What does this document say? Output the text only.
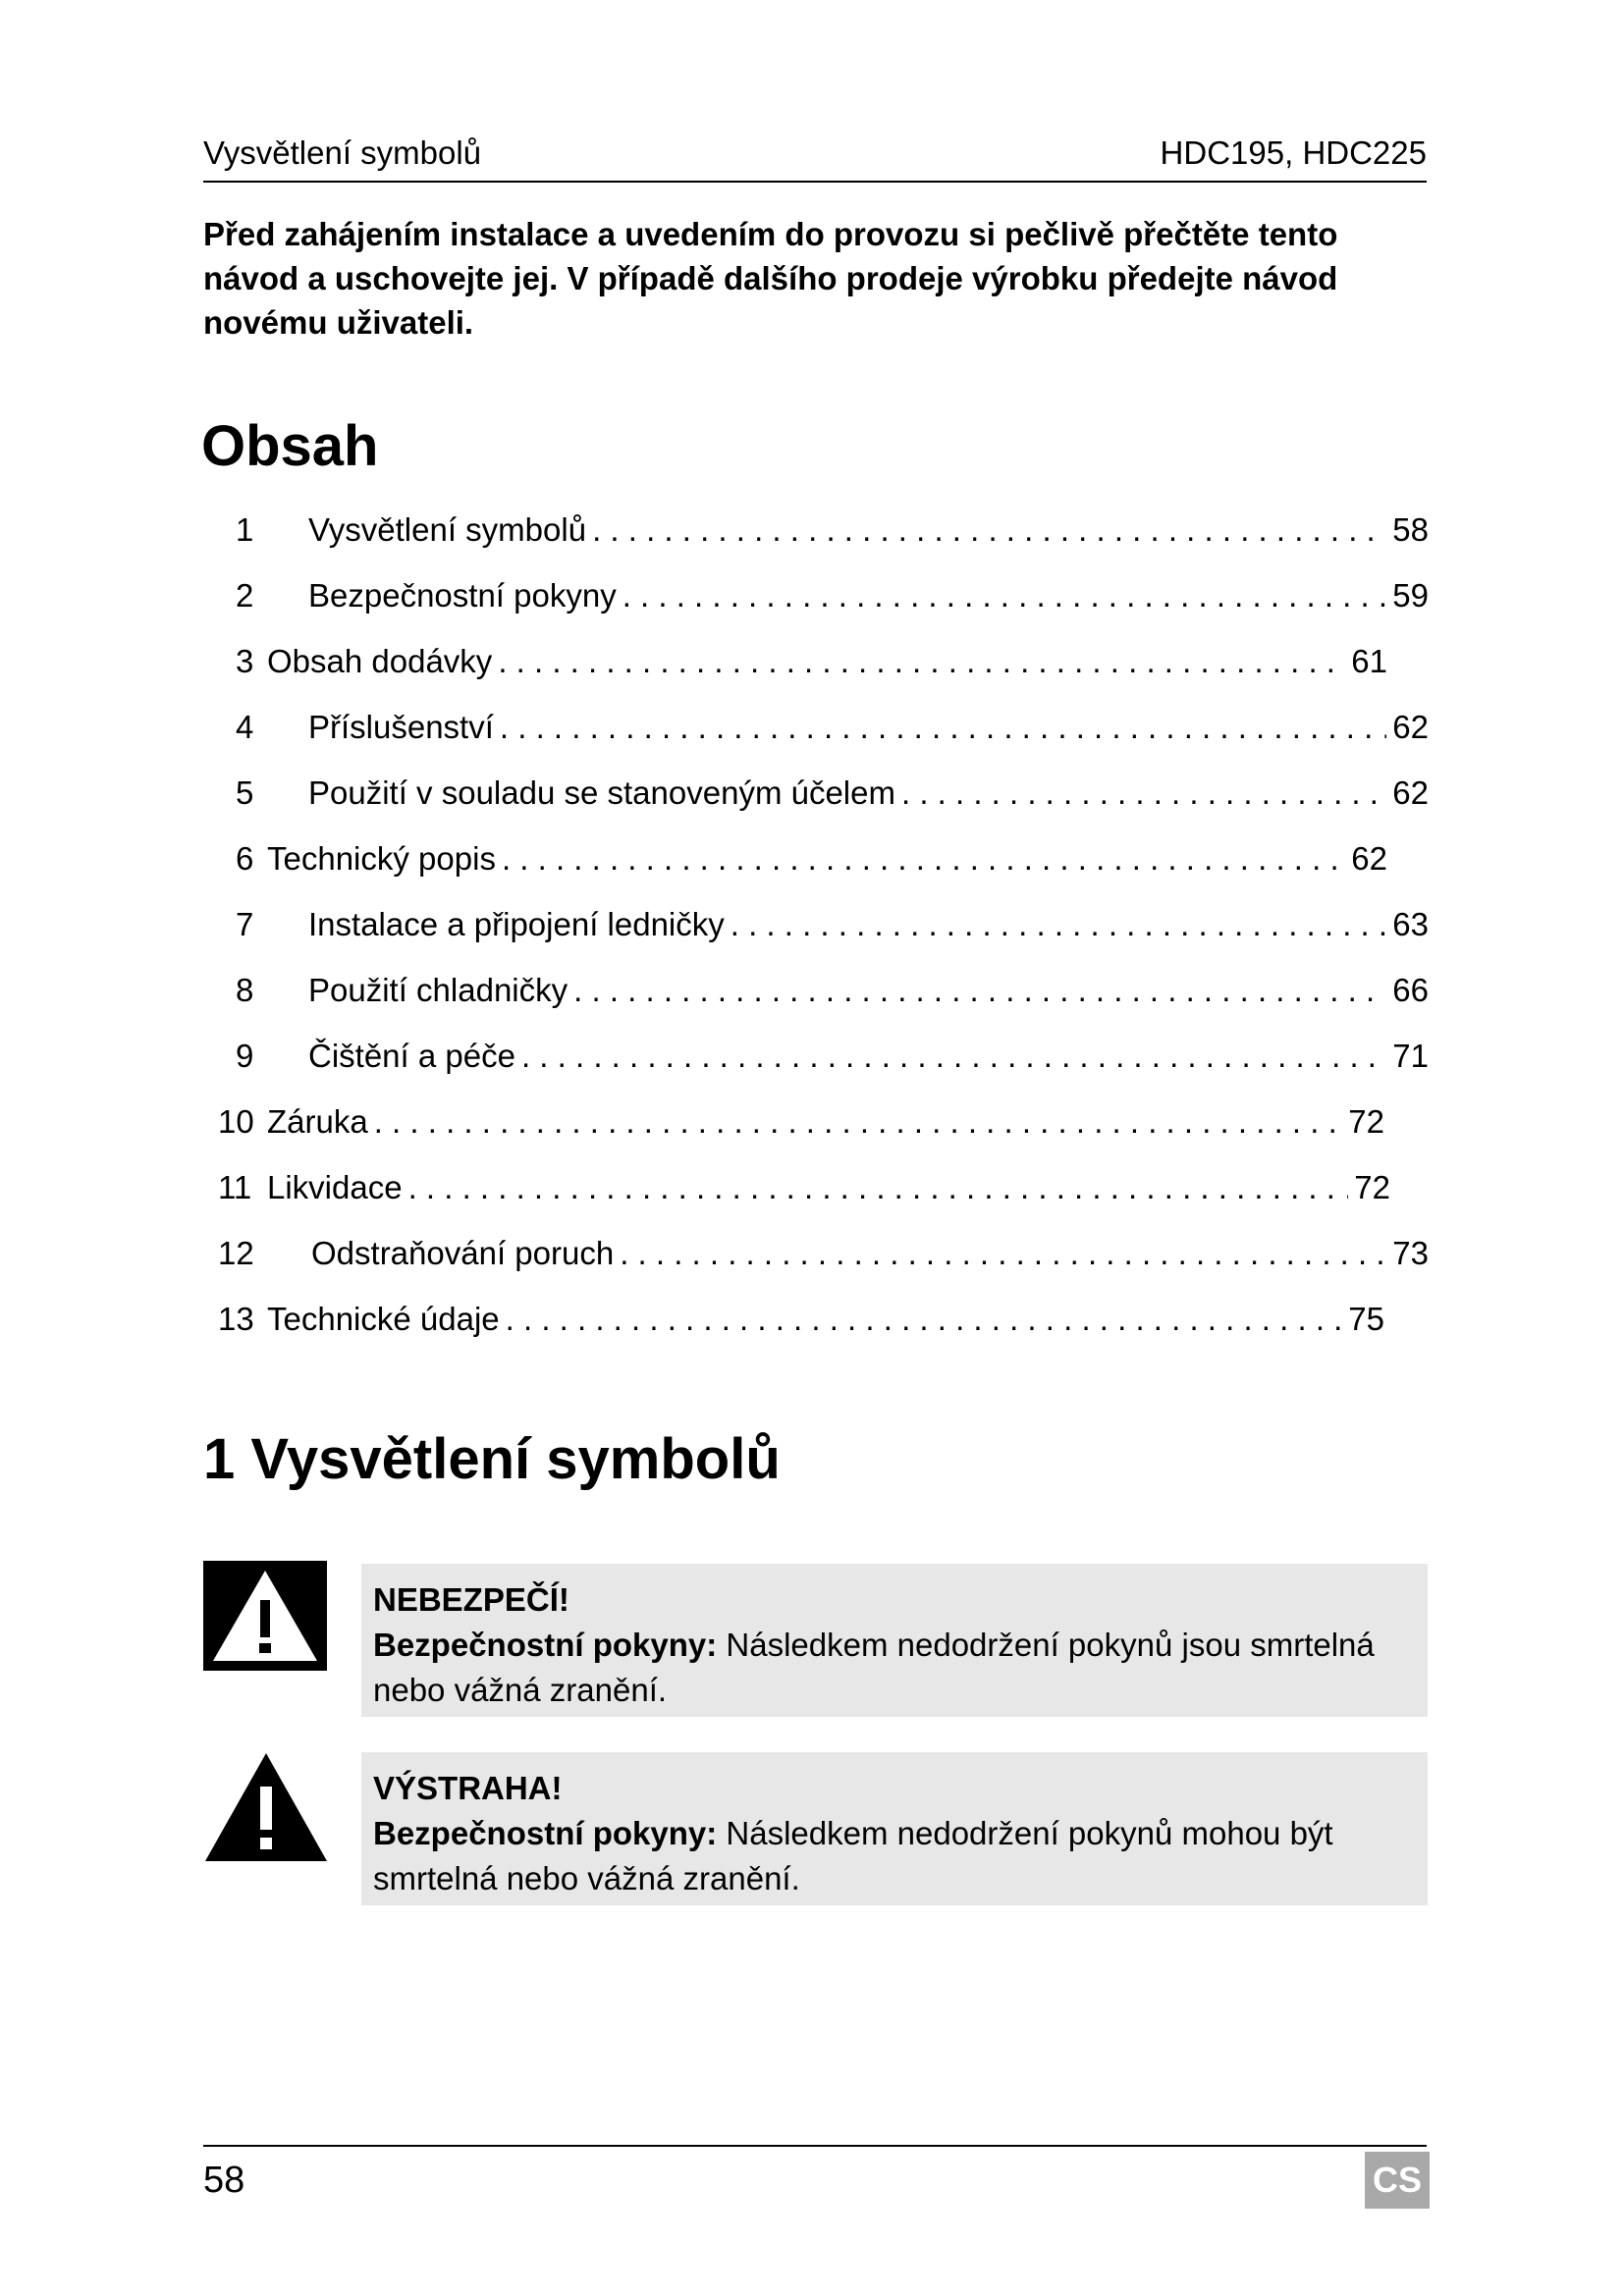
Vysvětlení symbolů	HDC195, HDC225

Před zahájením instalace a uvedením do provozu si pečlivě přečtěte tento návod a uschovejte jej. V případě dalšího prodeje výrobku předejte návod novému uživateli.

Obsah
1	Vysvětlení symbolů . . .	58
2	Bezpečnostní pokyny . . .	59
3 Obsah dodávky . . .	61
4	Příslušenství . . .	62
5	Použití v souladu se stanoveným účelem . . .	62
6 Technický popis . . .	62
7	Instalace a připojení ledničky . . .	63
8	Použití chladničky . . .	66
9	Čištění a péče . . .	71
10 Záruka . . .	72
11 Likvidace . . .	72
12	Odstraňování poruch . . .	73
13 Technické údaje . . .	75
1 Vysvětlení symbolů
NEBEZPEČÍ!
Bezpečnostní pokyny: Následkem nedodržení pokynů jsou smrtelná nebo vážná zranění.
VÝSTRAHA!
Bezpečnostní pokyny: Následkem nedodržení pokynů mohou být smrtelná nebo vážná zranění.
58	CS
